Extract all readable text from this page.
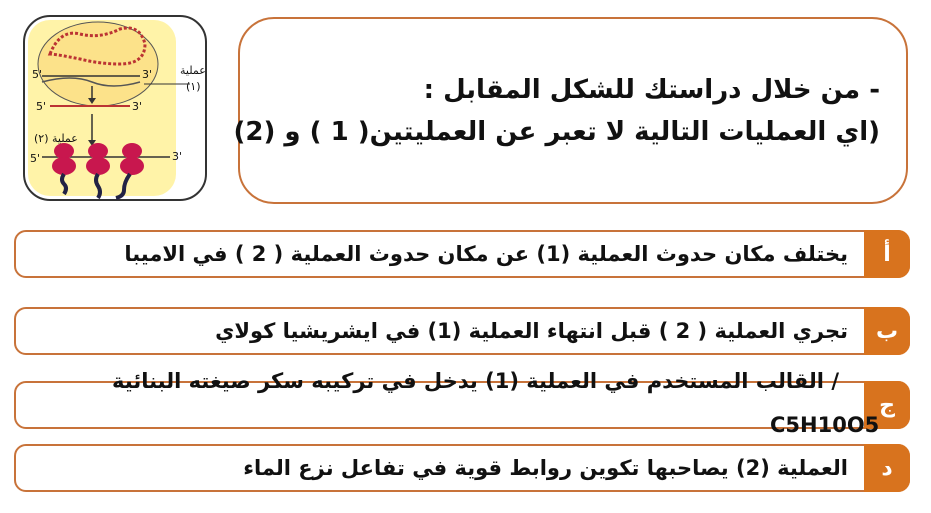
5'	3'
5'	3'
5'	3'
عملية
(١)
عملية (٢)
- من خلال دراستك للشكل المقابل :
(اي العمليات التالية لا تعبر عن العمليتين( 1 ) و (2)
أ
يختلف مكان حدوث العملية (1) عن مكان حدوث العملية ( 2 ) في الاميبا
ب
تجري العملية ( 2 ) قبل انتهاء العملية (1) في ايشريشيا كولاي
ج
/ القالب المستخدم في العملية (1) يدخل في تركيبه سكر صيغته البنائية
C5H10O5
د
العملية (2) يصاحبها تكوين روابط قوية في تفاعل نزع الماء
